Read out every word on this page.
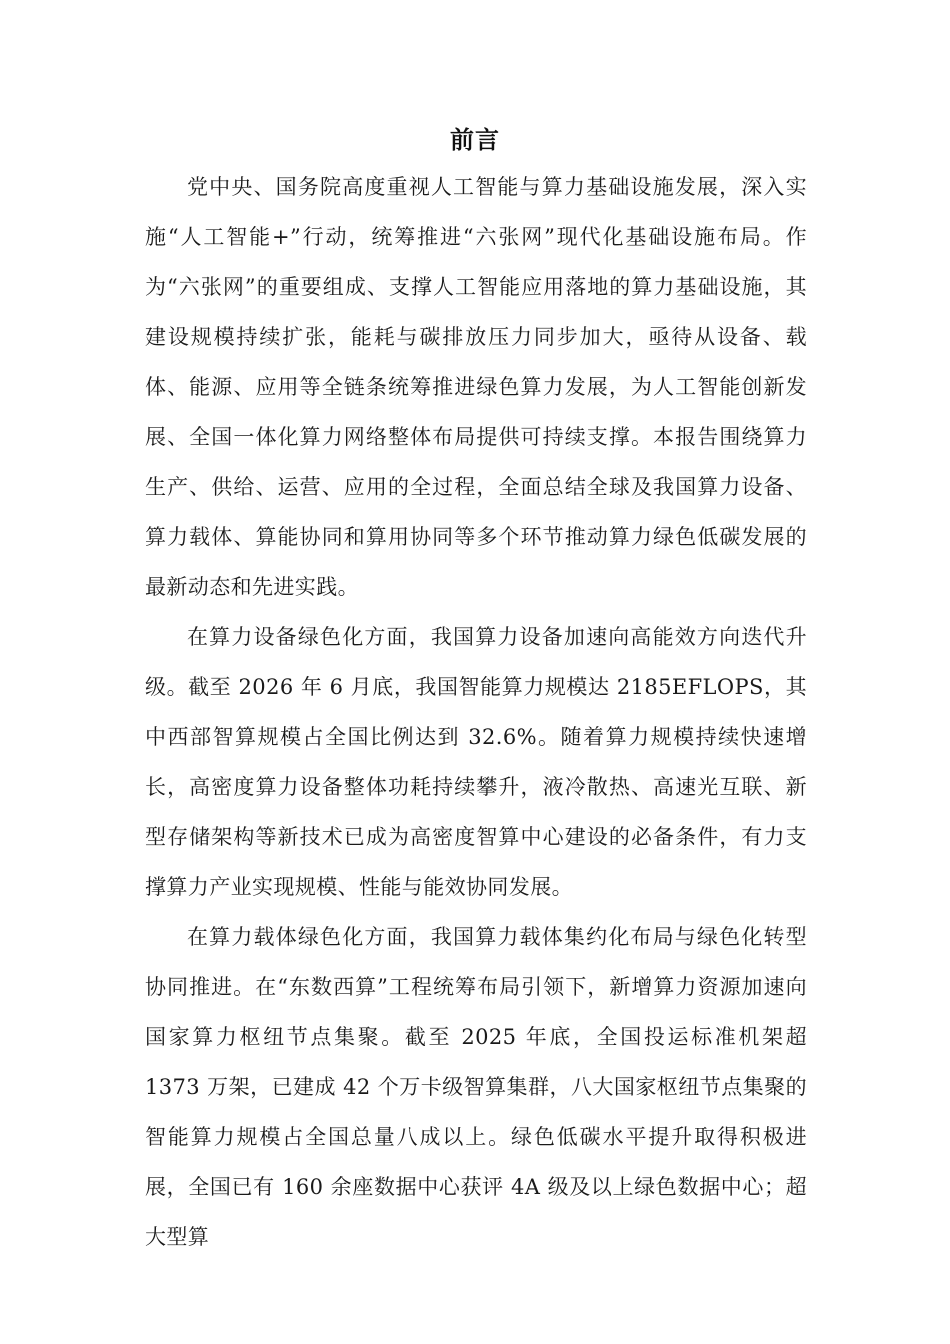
前言

党中央、国务院高度重视人工智能与算力基础设施发展，深入实施“人工智能+”行动，统筹推进“六张网”现代化基础设施布局。作为“六张网”的重要组成、支撑人工智能应用落地的算力基础设施，其建设规模持续扩张，能耗与碳排放压力同步加大，亟待从设备、载体、能源、应用等全链条统筹推进绿色算力发展，为人工智能创新发展、全国一体化算力网络整体布局提供可持续支撑。本报告围绕算力生产、供给、运营、应用的全过程，全面总结全球及我国算力设备、算力载体、算能协同和算用协同等多个环节推动算力绿色低碳发展的最新动态和先进实践。

在算力设备绿色化方面，我国算力设备加速向高能效方向迭代升级。截至 2026 年 6 月底，我国智能算力规模达 2185EFLOPS，其中西部智算规模占全国比例达到 32.6%。随着算力规模持续快速增长，高密度算力设备整体功耗持续攀升，液冷散热、高速光互联、新型存储架构等新技术已成为高密度智算中心建设的必备条件，有力支撑算力产业实现规模、性能与能效协同发展。

在算力载体绿色化方面，我国算力载体集约化布局与绿色化转型协同推进。在“东数西算”工程统筹布局引领下，新增算力资源加速向国家算力枢纽节点集聚。截至 2025 年底，全国投运标准机架超 1373 万架，已建成 42 个万卡级智算集群，八大国家枢纽节点集聚的智能算力规模占全国总量八成以上。绿色低碳水平提升取得积极进展，全国已有 160 余座数据中心获评 4A 级及以上绿色数据中心；超大型算
